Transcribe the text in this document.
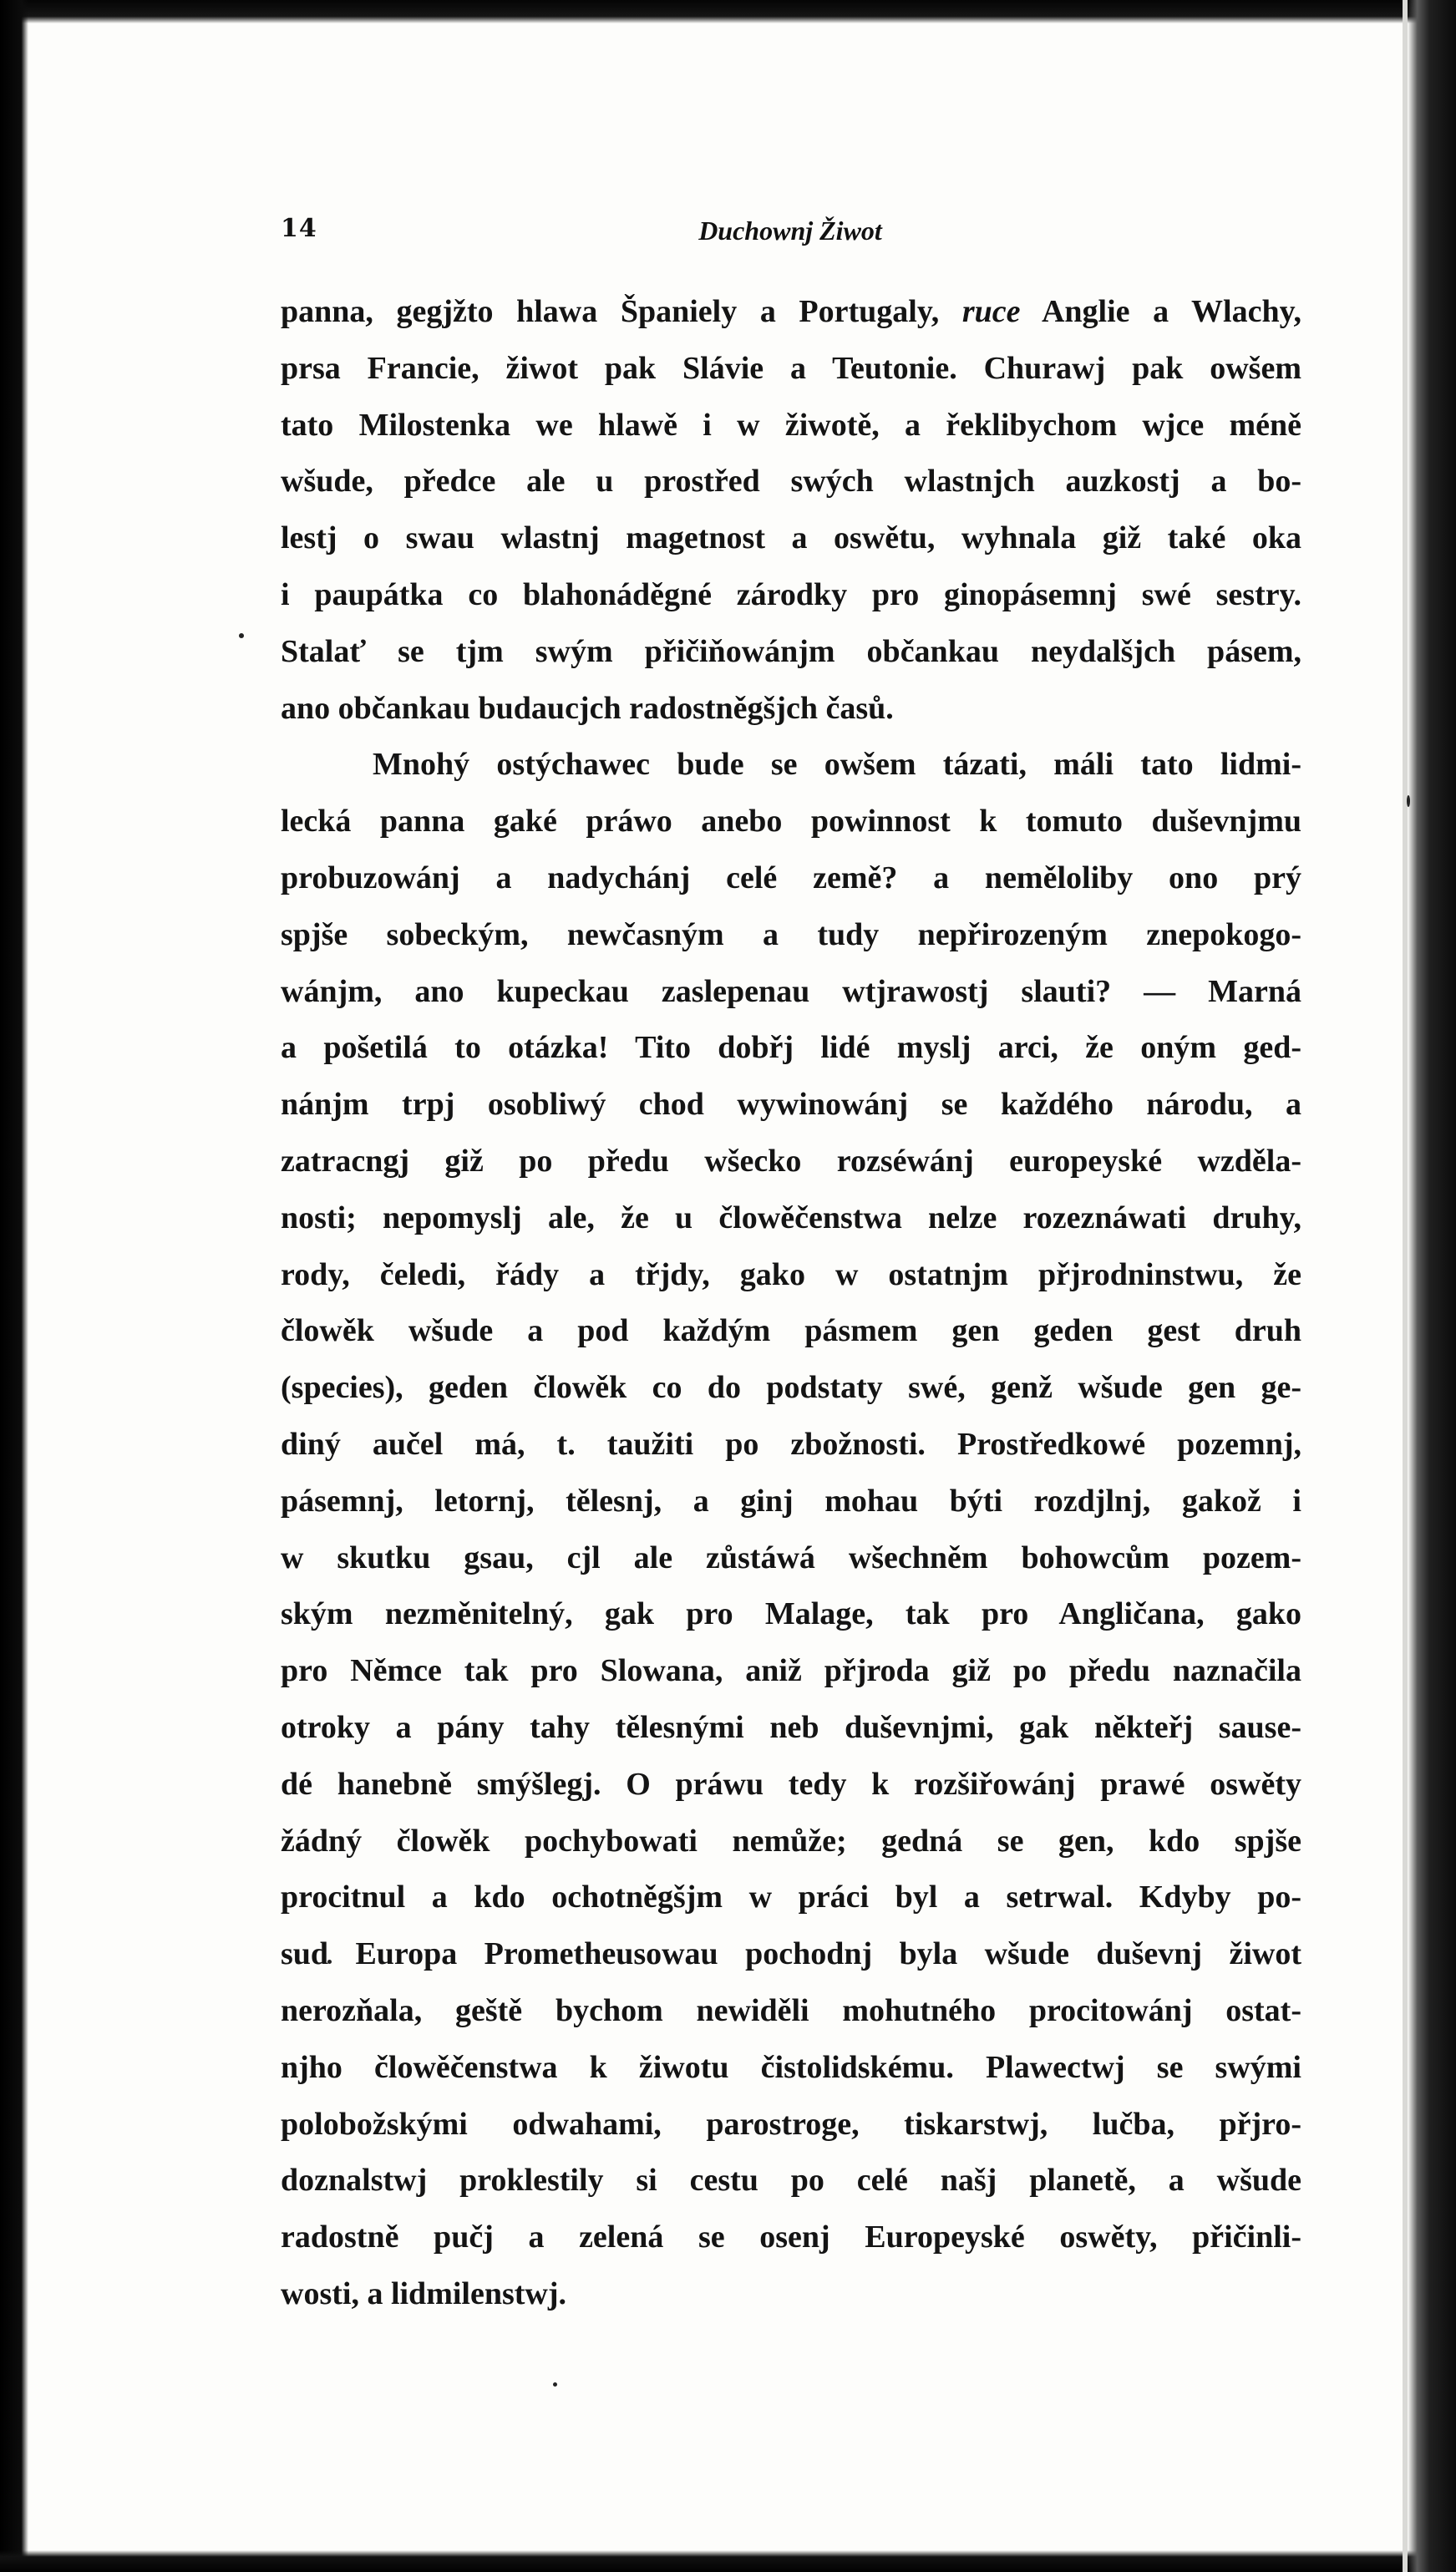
14	Duchownj Žiwot
panna, gegjžto hlawa Španiely a Portugaly, ruce Anglie a Wlachy,
prsa Francie, žiwot pak Slávie a Teutonie. Churawj pak owšem
tato Milostenka we hlawě i w žiwotě, a řeklibychom wjce méně
wšude, předce ale u prostřed swých wlastnjch auzkostj a bo-
lestj o swau wlastnj magetnost a oswětu, wyhnala giž také oka
i paupátka co blahonáděgné zárodky pro ginopásemnj swé sestry.
Stalať se tjm swým přičiňowánjm občankau neydalšjch pásem,
ano občankau budaucjch radostněgšjch časů.
Mnohý ostýchawec bude se owšem tázati, máli tato lidmi-
lecká panna gaké práwo anebo powinnost k tomuto duševnjmu
probuzowánj a nadychánj celé země? a neměloliby ono prý
spjše sobeckým, newčasným a tudy nepřirozeným znepokogo-
wánjm, ano kupeckau zaslepenau wtjrawostj slauti? — Marná
a pošetilá to otázka! Tito dobřj lidé myslj arci, že oným ged-
nánjm trpj osobliwý chod wywinowánj se každého národu, a
zatracngj giž po předu wšecko rozséwánj europeyské wzděla-
nosti; nepomyslj ale, že u člowěčenstwa nelze rozeznáwati druhy,
rody, čeledi, řády a třjdy, gako w ostatnjm přjrodninstwu, že
člowěk wšude a pod každým pásmem gen geden gest druh
(species), geden člowěk co do podstaty swé, genž wšude gen ge-
diný aučel má, t. taužiti po zbožnosti. Prostředkowé pozemnj,
pásemnj, letornj, tělesnj, a ginj mohau býti rozdjlnj, gakož i
w skutku gsau, cjl ale zůstáwá wšechněm bohowcům pozem-
ským nezměnitelný, gak pro Malage, tak pro Angličana, gako
pro Němce tak pro Slowana, aniž přjroda giž po předu naznačila
otroky a pány tahy tělesnými neb duševnjmi, gak někteřj sause-
dé hanebně smýšlegj. O práwu tedy k rozšiřowánj prawé oswěty
žádný člowěk pochybowati nemůže; gedná se gen, kdo spjše
procitnul a kdo ochotněgšjm w práci byl a setrwal. Kdyby po-
sud Europa Prometheusowau pochodnj byla wšude duševnj žiwot
nerozňala, geště bychom newiděli mohutného procitowánj ostat-
njho člowěčenstwa k žiwotu čistolidskému. Plawectwj se swými
polobožskými odwahami, parostroge, tiskarstwj, lučba, přjro-
doznalstwj proklestily si cestu po celé našj planetě, a wšude
radostně pučj a zelená se osenj Europeyské oswěty, přičinli-
wosti, a lidmilenstwj.
